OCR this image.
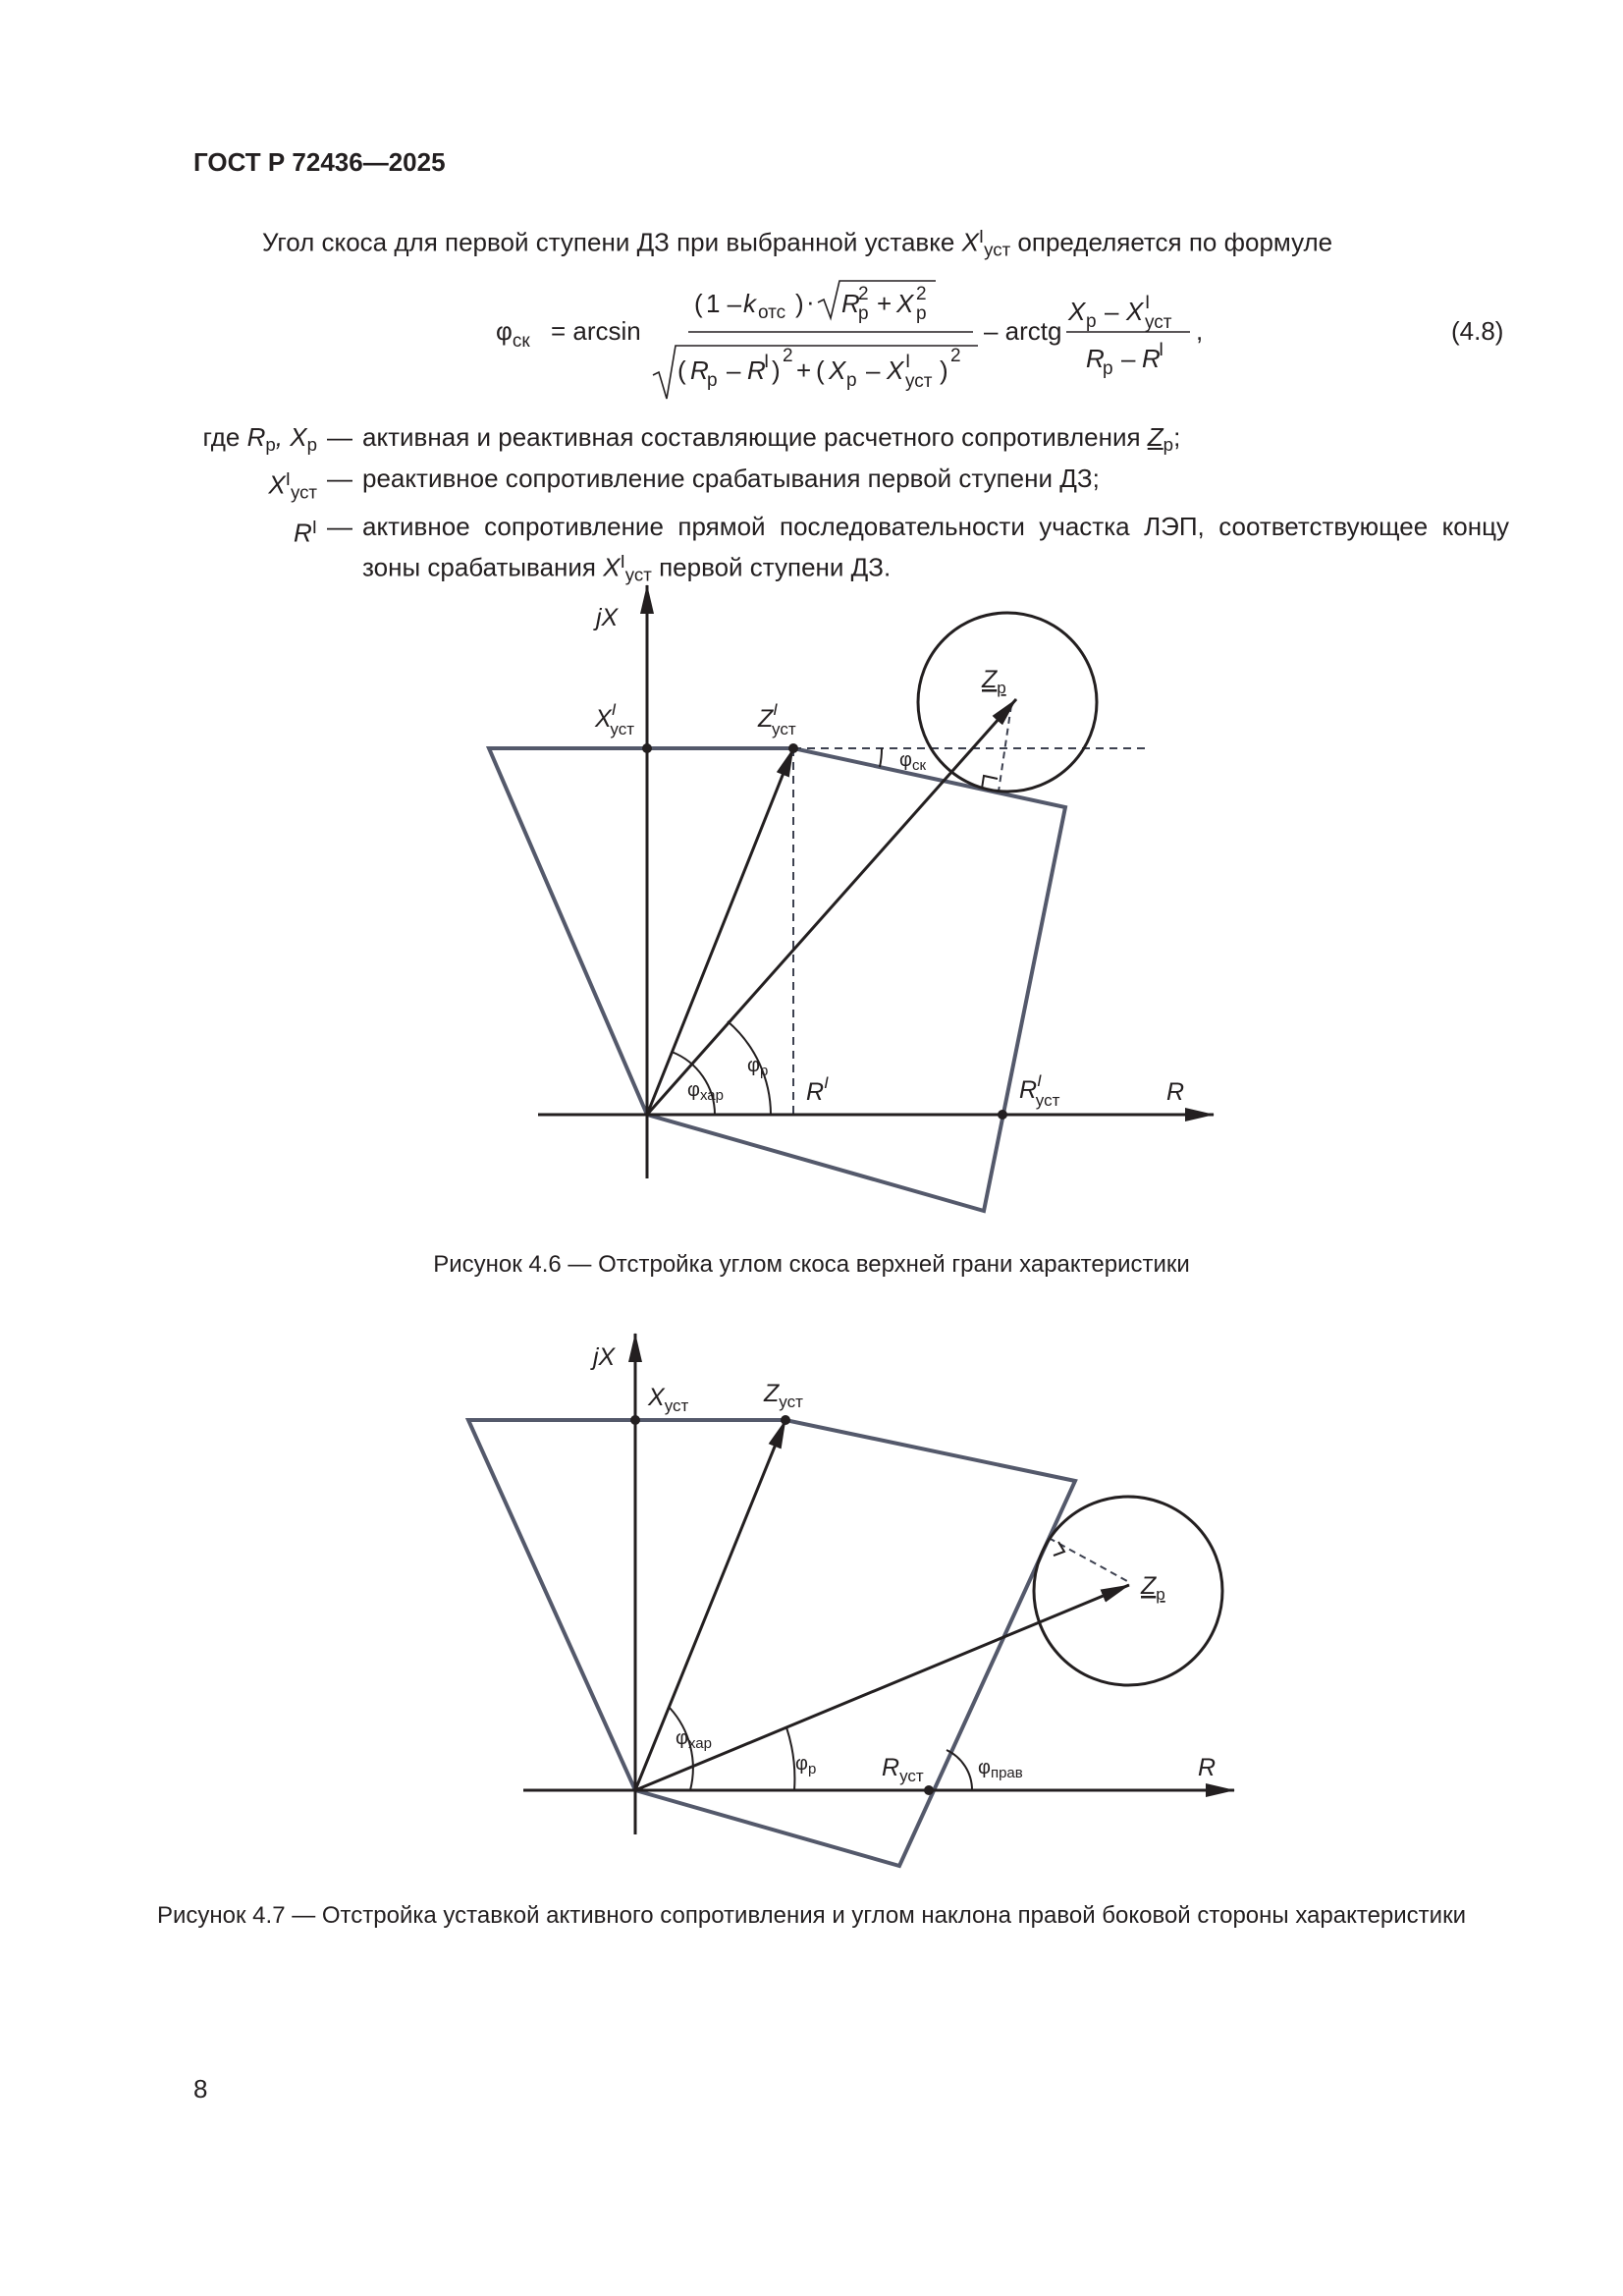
ГОСТ Р 72436—2025
Угол скоса для первой ступени ДЗ при выбранной уставке $X^I_{уст}$ определяется по формуле
$\varphi_{ск} = \arcsin$
( 1 – k отс ) · R
2
р + X 2
р
( R
р – R
I ) 2 + ( X р – X I
уст ) 2
– arctg
X р – X I
уст
R
р – R
I
,	(4.8)
где $R_р$, $X_р$ — активная и реактивная составляющие расчетного сопротивления $Z_р$;
$X^I_{уст}$ — реактивное сопротивление срабатывания первой ступени ДЗ;
$R^I$ — активное сопротивление прямой последовательности участка ЛЭП, соответствующее концу зоны срабатывания $X^I_{уст}$ первой ступени ДЗ.
jX
R
$X^I$ уст	$Z^I$ уст
$Z_р$
$R^I$	$R^I$ уст
$\varphi_{ск}$
$\varphi_р$
$\varphi_{хар}$
Рисунок 4.6 — Отстройка углом скоса верхней грани характеристики
jX
R
$X_{уст}$	$Z_{уст}$
$Z_р$
$R_{уст}$
$\varphi_{хар}$
$\varphi_р$	$\varphi_{прав}$
Рисунок 4.7 — Отстройка уставкой активного сопротивления и углом наклона правой боковой стороны характеристики
8
